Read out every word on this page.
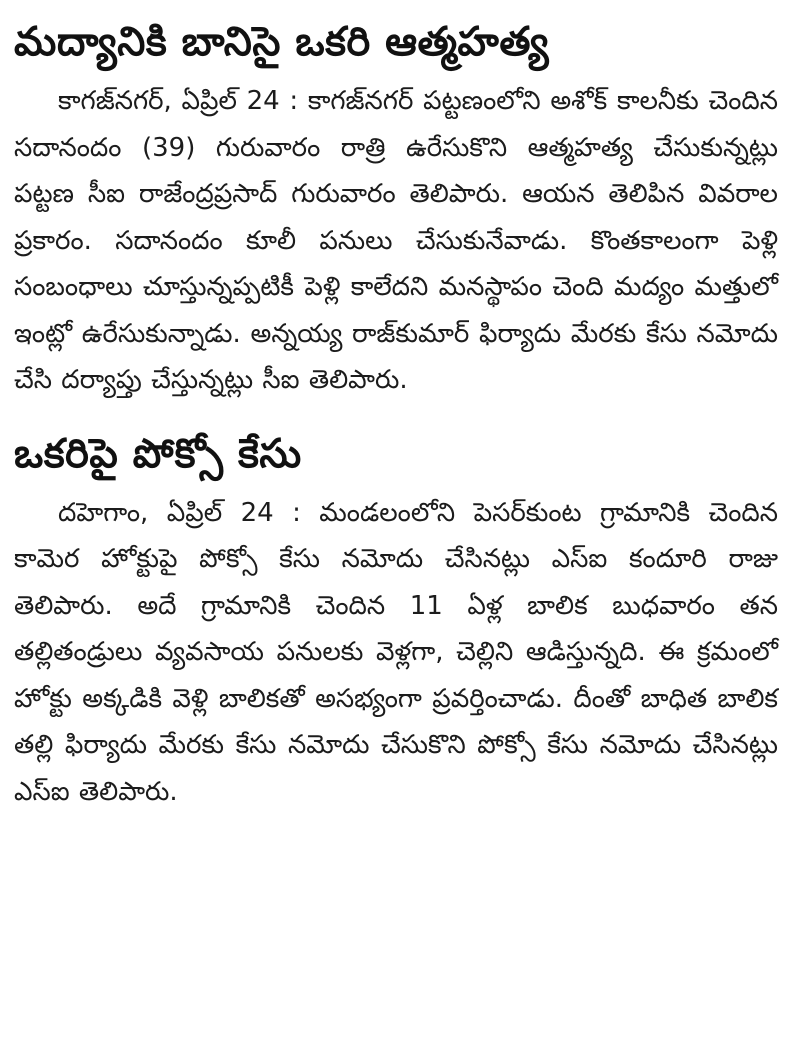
మద్యానికి బానిసై ఒకరి ఆత్మహత్య

కాగజ్‌నగర్, ఏప్రిల్ 24 : కాగజ్‌నగర్ పట్టణంలోని అశోక్ కాలనీకు చెందిన సదానందం (39) గురువారం రాత్రి ఉరేసుకొని ఆత్మహత్య చేసుకున్నట్లు పట్టణ సీఐ రాజేంద్రప్రసాద్ గురువారం తెలిపారు. ఆయన తెలిపిన వివరాల ప్రకారం. సదానందం కూలీ పనులు చేసుకునేవాడు. కొంతకాలంగా పెళ్లి సంబంధాలు చూస్తున్నప్పటికీ పెళ్లి కాలేదని మనస్థాపం చెంది మద్యం మత్తులో ఇంట్లో ఉరేసుకున్నాడు. అన్నయ్య రాజ్‌కుమార్ ఫిర్యాదు మేరకు కేసు నమోదు చేసి దర్యాప్తు చేస్తున్నట్లు సీఐ తెలిపారు.

ఒకరిపై పోక్సో కేసు

దహెగాం, ఏప్రిల్ 24 : మండలంలోని పెసర్‌కుంట గ్రామానికి చెందిన కామెర హోక్టుపై పోక్సో కేసు నమోదు చేసినట్లు ఎస్ఐ కందూరి రాజు తెలిపారు. అదే గ్రామానికి చెందిన 11 ఏళ్ల బాలిక బుధవారం తన తల్లితండ్రులు వ్యవసాయ పనులకు వెళ్లగా, చెల్లిని ఆడిస్తున్నది. ఈ క్రమంలో హోక్టు అక్కడికి వెళ్లి బాలికతో అసభ్యంగా ప్రవర్తించాడు. దీంతో బాధిత బాలిక తల్లి ఫిర్యాదు మేరకు కేసు నమోదు చేసుకొని పోక్సో కేసు నమోదు చేసినట్లు ఎస్ఐ తెలిపారు.
